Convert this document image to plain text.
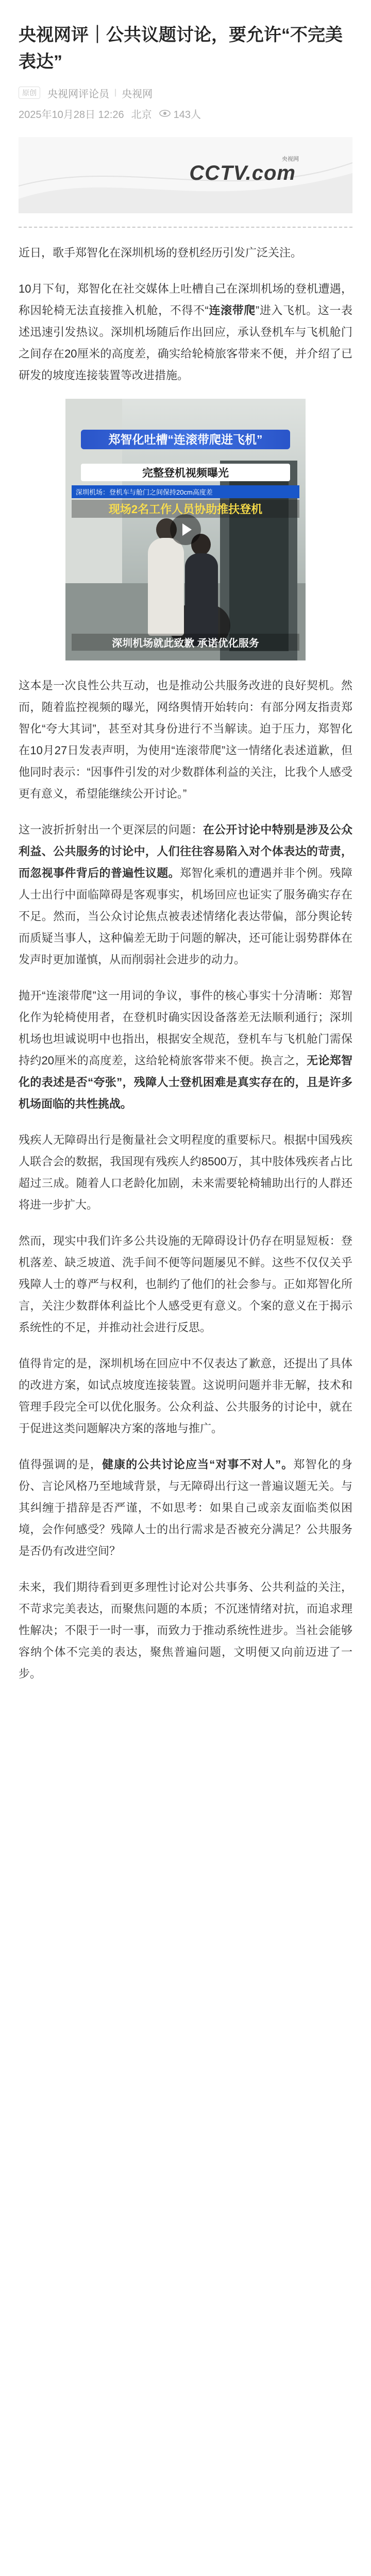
央视网评｜公共议题讨论，要允许“不完美表达”
原创	央视网评论员 | 央视网
2025年10月28日 12:26 北京 143人
CCTV.com
央视网

近日，歌手郑智化在深圳机场的登机经历引发广泛关注。

10月下旬，郑智化在社交媒体上吐槽自己在深圳机场的登机遭遇，称因轮椅无法直接推入机舱，不得不“连滚带爬”进入飞机。这一表述迅速引发热议。深圳机场随后作出回应，承认登机车与飞机舱门之间存在20厘米的高度差，确实给轮椅旅客带来不便，并介绍了已研发的坡度连接装置等改进措施。

郑智化吐槽“连滚带爬进飞机”
完整登机视频曝光
深圳机场：登机车与舱门之间保持20cm高度差
现场2名工作人员协助推扶登机
深圳机场就此致歉 承诺优化服务

这本是一次良性公共互动，也是推动公共服务改进的良好契机。然而，随着监控视频的曝光，网络舆情开始转向：有部分网友指责郑智化“夸大其词”，甚至对其身份进行不当解读。迫于压力，郑智化在10月27日发表声明，为使用“连滚带爬”这一情绪化表述道歉，但他同时表示：“因事件引发的对少数群体利益的关注，比我个人感受更有意义，希望能继续公开讨论。”

这一波折折射出一个更深层的问题：在公开讨论中特别是涉及公众利益、公共服务的讨论中，人们往往容易陷入对个体表达的苛责，而忽视事件背后的普遍性议题。郑智化乘机的遭遇并非个例。残障人士出行中面临障碍是客观事实，机场回应也证实了服务确实存在不足。然而，当公众讨论焦点被表述情绪化表达带偏，部分舆论转而质疑当事人，这种偏差无助于问题的解决，还可能让弱势群体在发声时更加谨慎，从而削弱社会进步的动力。

抛开“连滚带爬”这一用词的争议，事件的核心事实十分清晰：郑智化作为轮椅使用者，在登机时确实因设备落差无法顺利通行；深圳机场也坦诚说明中也指出，根据安全规范，登机车与飞机舱门需保持约20厘米的高度差，这给轮椅旅客带来不便。换言之，无论郑智化的表述是否“夸张”，残障人士登机困难是真实存在的，且是许多机场面临的共性挑战。

残疾人无障碍出行是衡量社会文明程度的重要标尺。根据中国残疾人联合会的数据，我国现有残疾人约8500万，其中肢体残疾者占比超过三成。随着人口老龄化加剧，未来需要轮椅辅助出行的人群还将进一步扩大。

然而，现实中我们许多公共设施的无障碍设计仍存在明显短板：登机落差、缺乏坡道、洗手间不便等问题屡见不鲜。这些不仅仅关乎残障人士的尊严与权利，也制约了他们的社会参与。正如郑智化所言，关注少数群体利益比个人感受更有意义。个案的意义在于揭示系统性的不足，并推动社会进行反思。

值得肯定的是，深圳机场在回应中不仅表达了歉意，还提出了具体的改进方案，如试点坡度连接装置。这说明问题并非无解，技术和管理手段完全可以优化服务。公众利益、公共服务的讨论中，就在于促进这类问题解决方案的落地与推广。

值得强调的是，健康的公共讨论应当“对事不对人”。郑智化的身份、言论风格乃至地域背景，与无障碍出行这一普遍议题无关。与其纠缠于措辞是否严谨，不如思考：如果自己或亲友面临类似困境，会作何感受？残障人士的出行需求是否被充分满足？公共服务是否仍有改进空间？

未来，我们期待看到更多理性讨论对公共事务、公共利益的关注，不苛求完美表达，而聚焦问题的本质；不沉迷情绪对抗，而追求理性解决；不限于一时一事，而致力于推动系统性进步。当社会能够容纳个体不完美的表达，聚焦普遍问题，文明便又向前迈进了一步。
